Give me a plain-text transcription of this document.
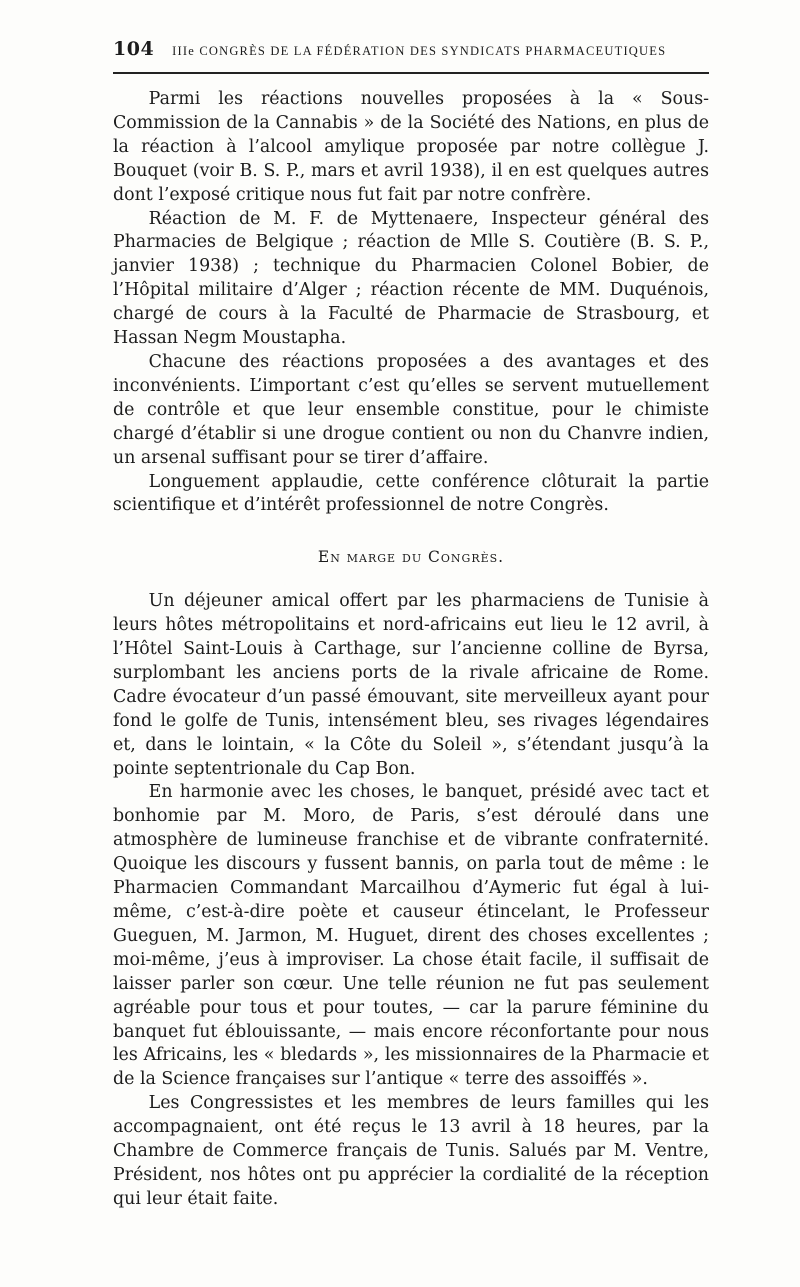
104 IIIe CONGRÈS DE LA FÉDÉRATION DES SYNDICATS PHARMACEUTIQUES

Parmi les réactions nouvelles proposées à la « Sous-Commission de la Cannabis » de la Société des Nations, en plus de la réaction à l’alcool amylique proposée par notre collègue J. Bouquet (voir B. S. P., mars et avril 1938), il en est quelques autres dont l’exposé critique nous fut fait par notre confrère.

Réaction de M. F. de Myttenaere, Inspecteur général des Pharmacies de Belgique ; réaction de Mlle S. Coutière (B. S. P., janvier 1938) ; technique du Pharmacien Colonel Bobier, de l’Hôpital militaire d’Alger ; réaction récente de MM. Duquénois, chargé de cours à la Faculté de Pharmacie de Strasbourg, et Hassan Negm Moustapha.

Chacune des réactions proposées a des avantages et des inconvénients. L’important c’est qu’elles se servent mutuellement de contrôle et que leur ensemble constitue, pour le chimiste chargé d’établir si une drogue contient ou non du Chanvre indien, un arsenal suffisant pour se tirer d’affaire.

Longuement applaudie, cette conférence clôturait la partie scientifique et d’intérêt professionnel de notre Congrès.

En marge du Congrès.

Un déjeuner amical offert par les pharmaciens de Tunisie à leurs hôtes métropolitains et nord-africains eut lieu le 12 avril, à l’Hôtel Saint-Louis à Carthage, sur l’ancienne colline de Byrsa, surplombant les anciens ports de la rivale africaine de Rome. Cadre évocateur d’un passé émouvant, site merveilleux ayant pour fond le golfe de Tunis, intensément bleu, ses rivages légendaires et, dans le lointain, « la Côte du Soleil », s’étendant jusqu’à la pointe septentrionale du Cap Bon.

En harmonie avec les choses, le banquet, présidé avec tact et bonhomie par M. Moro, de Paris, s’est déroulé dans une atmosphère de lumineuse franchise et de vibrante confraternité. Quoique les discours y fussent bannis, on parla tout de même : le Pharmacien Commandant Marcailhou d’Aymeric fut égal à lui-même, c’est-à-dire poète et causeur étincelant, le Professeur Gueguen, M. Jarmon, M. Huguet, dirent des choses excellentes ; moi-même, j’eus à improviser. La chose était facile, il suffisait de laisser parler son cœur. Une telle réunion ne fut pas seulement agréable pour tous et pour toutes, — car la parure féminine du banquet fut éblouissante, — mais encore réconfortante pour nous les Africains, les « bledards », les missionnaires de la Pharmacie et de la Science françaises sur l’antique « terre des assoiffés ».

Les Congressistes et les membres de leurs familles qui les accompagnaient, ont été reçus le 13 avril à 18 heures, par la Chambre de Commerce français de Tunis. Salués par M. Ventre, Président, nos hôtes ont pu apprécier la cordialité de la réception qui leur était faite.
